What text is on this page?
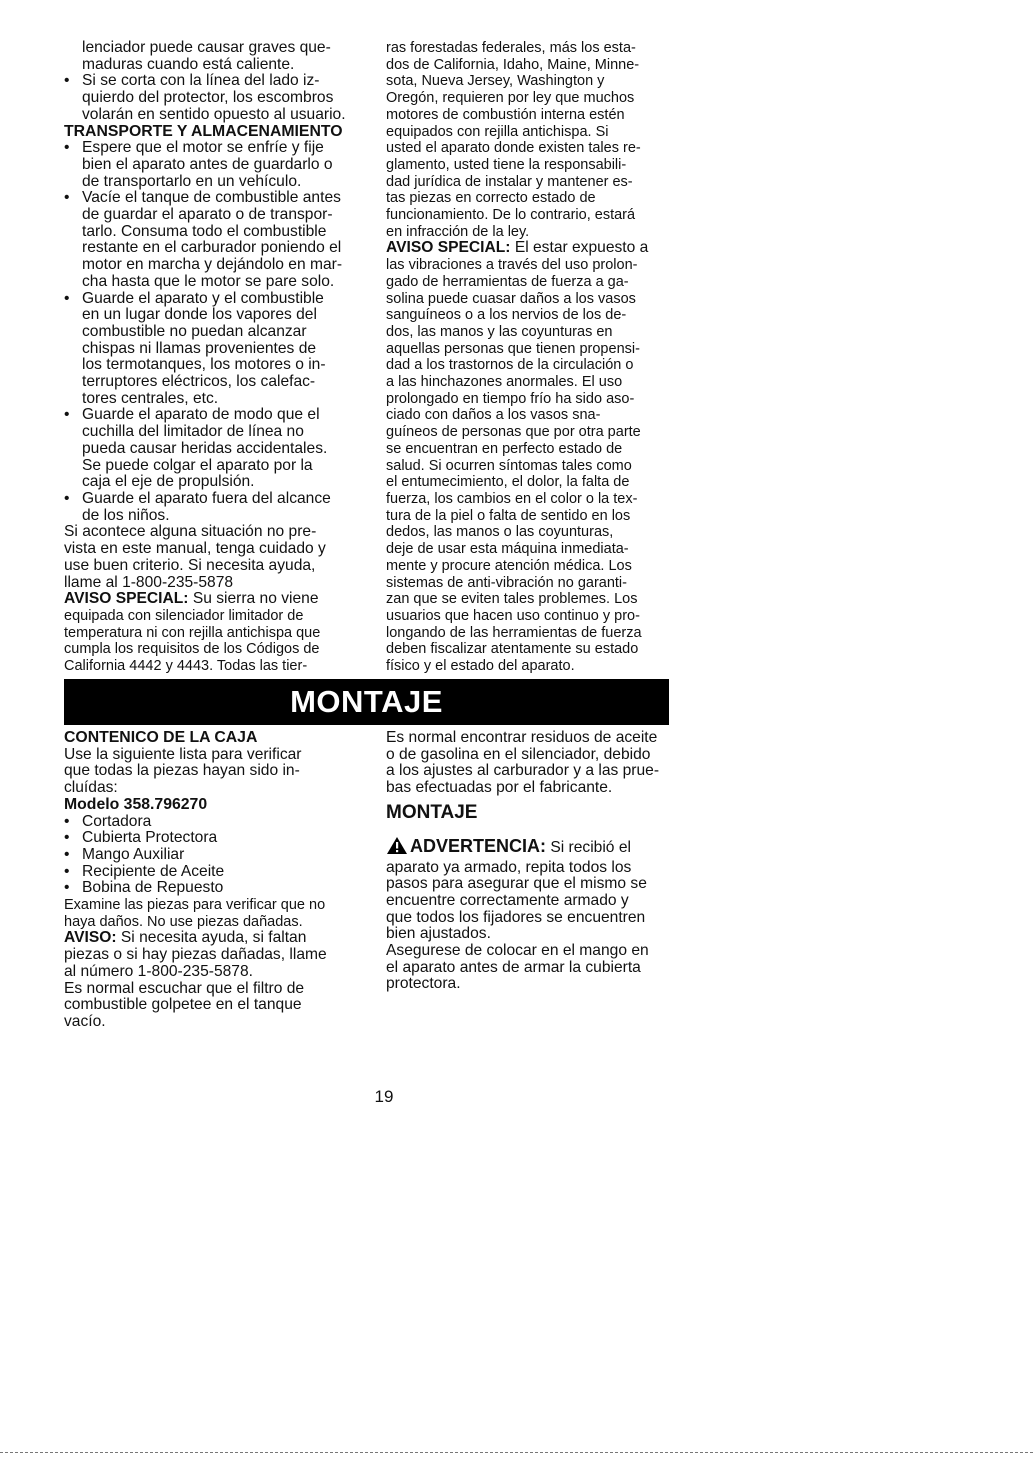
lenciador puede causar graves que-

maduras cuando está caliente.

•Si se corta con la línea del lado iz-

quierdo del protector, los escombros

volarán en sentido opuesto al usuario.

TRANSPORTE Y ALMACENAMIENTO

•Espere que el motor se enfríe y fije

bien el aparato antes de guardarlo o

de transportarlo en un vehículo.

•Vacíe el tanque de combustible antes

de guardar el aparato o de transpor-

tarlo. Consuma todo el combustible

restante en el carburador poniendo el

motor en marcha y dejándolo en mar-

cha hasta que le motor se pare solo.

•Guarde el aparato y el combustible

en un lugar donde los vapores del

combustible no puedan alcanzar

chispas ni llamas provenientes de

los termotanques, los motores o in-

terruptores eléctricos, los calefac-

tores centrales, etc.

•Guarde el aparato de modo que el

cuchilla del limitador de línea no

pueda causar heridas accidentales.

Se puede colgar el aparato por la

caja el eje de propulsión.

•Guarde el aparato fuera del alcance

de los niños.

Si acontece alguna situación no pre-

vista en este manual, tenga cuidado y

use buen criterio. Si necesita ayuda,

llame al 1-800-235-5878

AVISO SPECIAL: Su sierra no viene

equipada con silenciador limitador de

temperatura ni con rejilla antichispa que

cumpla los requisitos de los Códigos de

California 4442 y 4443. Todas las tier-

ras forestadas federales, más los esta-

dos de California, Idaho, Maine, Minne-

sota, Nueva Jersey, Washington y

Oregón, requieren por ley que muchos

motores de combustión interna estén

equipados con rejilla antichispa. Si

usted el aparato donde existen tales re-

glamento, usted tiene la responsabili-

dad jurídica de instalar y mantener es-

tas piezas en correcto estado de

funcionamiento. De lo contrario, estará

en infracción de la ley.

AVISO SPECIAL: El estar expuesto a

las vibraciones a través del uso prolon-

gado de herramientas de fuerza a ga-

solina puede cuasar daños a los vasos

sanguíneos o a los nervios de los de-

dos, las manos y las coyunturas en

aquellas personas que tienen propensi-

dad a los trastornos de la circulación o

a las hinchazones anormales. El uso

prolongado en tiempo frío ha sido aso-

ciado con daños a los vasos sna-

guíneos de personas que por otra parte

se encuentran en perfecto estado de

salud. Si ocurren síntomas tales como

el entumecimiento, el dolor, la falta de

fuerza, los cambios en el color o la tex-

tura de la piel o falta de sentido en los

dedos, las manos o las coyunturas,

deje de usar esta máquina inmediata-

mente y procure atención médica. Los

sistemas de anti-vibración no garanti-

zan que se eviten tales problemes. Los

usuarios que hacen uso continuo y pro-

longando de las herramientas de fuerza

deben fiscalizar atentamente su estado

físico y el estado del aparato.

MONTAJE

CONTENICO DE LA CAJA

Use la siguiente lista para verificar

que todas la piezas hayan sido in-

cluídas:

Modelo 358.796270

•Cortadora

•Cubierta Protectora

•Mango Auxiliar

•Recipiente de Aceite

•Bobina de Repuesto

Examine las piezas para verificar que no

haya daños. No use piezas dañadas.

AVISO: Si necesita ayuda, si faltan

piezas o si hay piezas dañadas, llame

al número 1-800-235-5878.

Es normal escuchar que el filtro de

combustible golpetee en el tanque

vacío.

Es normal encontrar residuos de aceite

o de gasolina en el silenciador, debido

a los ajustes al carburador y a las prue-

bas efectuadas por el fabricante.

MONTAJE

ADVERTENCIA: Si recibió el

aparato ya armado, repita todos los

pasos para asegurar que el mismo se

encuentre correctamente armado y

que todos los fijadores se encuentren

bien ajustados.

Asegurese de colocar en el mango en

el aparato antes de armar la cubierta

protectora.

19
